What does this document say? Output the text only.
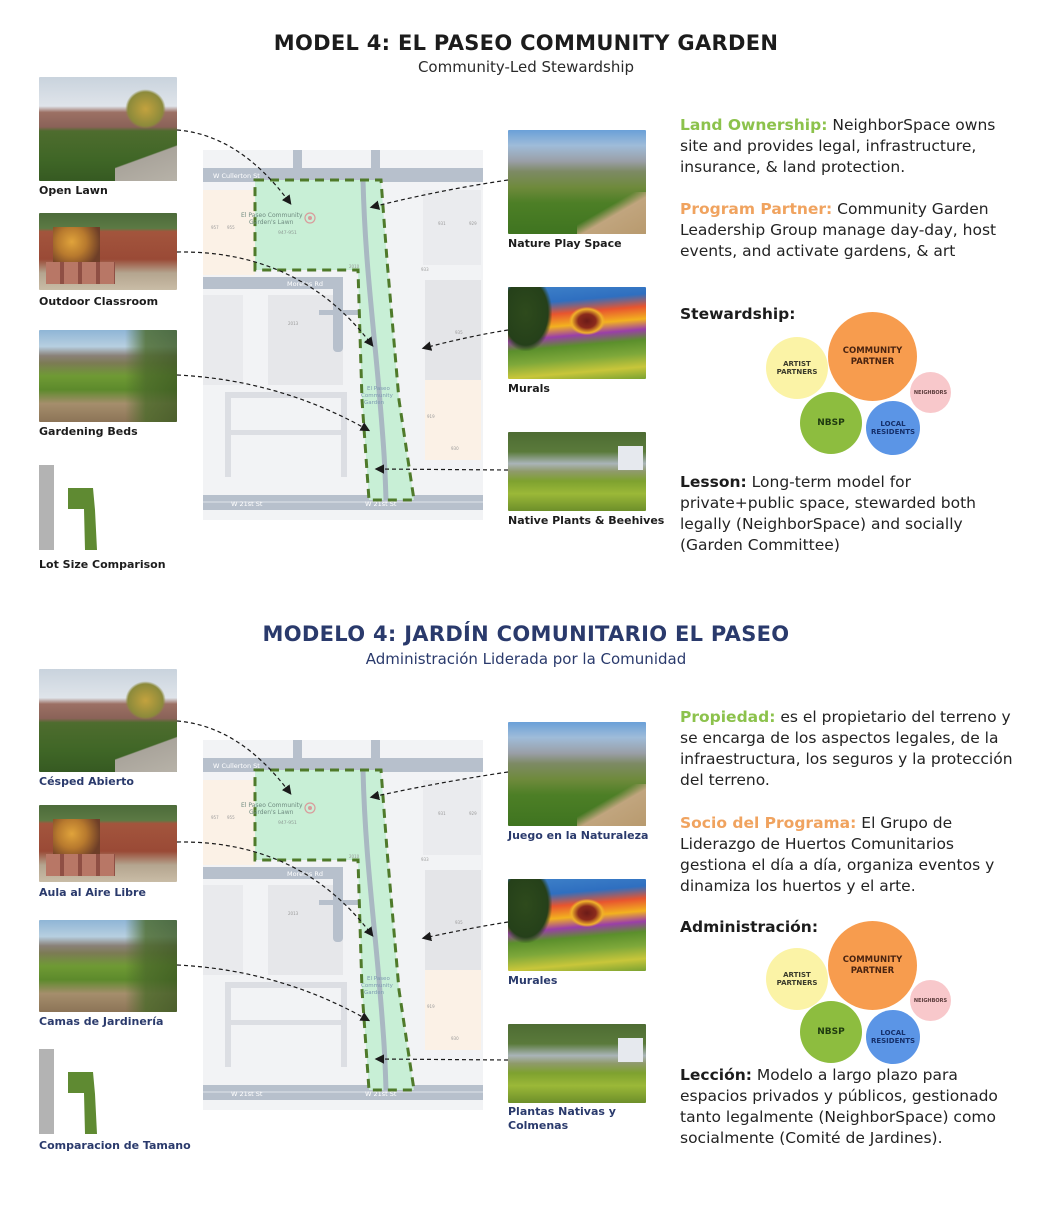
MODEL 4: EL PASEO COMMUNITY GARDEN
Community-Led Stewardship
Open Lawn
Outdoor Classroom
Gardening Beds
Lot Size Comparison
W Cullerton St
Morelos Rd
W 21st St	W 21st St
El Paseo Community
Garden's Lawn
947-951
El Paseo
Community
Garden
957 955
2010
2013
931	929
933
935
919
930
Nature Play Space
Murals
Native Plants & Beehives
Land Ownership: NeighborSpace owns site and provides legal, infrastructure, insurance, & land protection.
Program Partner: Community Garden Leadership Group manage day-day, host events, and activate gardens, & art
Stewardship:
ARTIST PARTNERS
COMMUNITY PARTNER
NEIGHBORS
NBSP	LOCAL RESIDENTS
Lesson: Long-term model for private+public space, stewarded both legally (NeighborSpace) and socially (Garden Committee)
MODELO 4: JARDÍN COMUNITARIO EL PASEO
Administración Liderada por la Comunidad
Césped Abierto
Aula al Aire Libre
Camas de Jardinería
Comparacion de Tamano
W Cullerton St
Morelos Rd
W 21st St	W 21st St
El Paseo Community
Garden's Lawn
947-951
El Paseo
Community
Garden
957 955
2010
2013
931	929
933
935
919
930
Juego en la Naturaleza
Murales
Plantas Nativas y Colmenas
Propiedad: es el propietario del terreno y se encarga de los aspectos legales, de la infraestructura, los seguros y la protección del terreno.
Socio del Programa: El Grupo de Liderazgo de Huertos Comunitarios gestiona el día a día, organiza eventos y dinamiza los huertos y el arte.
Administración:
ARTIST PARTNERS
COMMUNITY PARTNER
NEIGHBORS
NBSP	LOCAL RESIDENTS
Lección: Modelo a largo plazo para espacios privados y públicos, gestionado tanto legalmente (NeighborSpace) como socialmente (Comité de Jardines).
